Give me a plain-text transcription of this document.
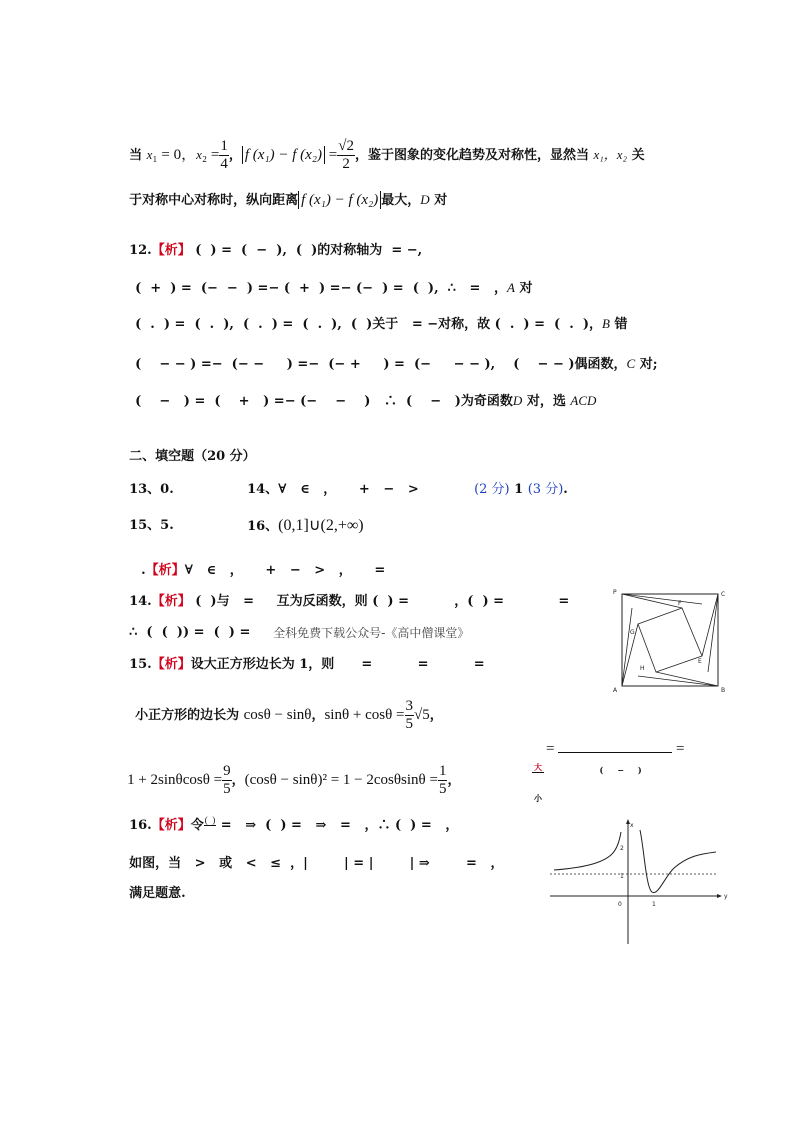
当 x₁ = 0，$x_2 = \frac{1}{4}$ ， f (x₁) − f $(x_2) = \frac{√2}{2}$ ，鉴于图象的变化趋势及对称性，显然当 x₁，x₂ 关

于对称中心对称时，纵向距离 f (x₁) − f (x₂) 最大，D 对

12.【析】 (  ) =  (  −  ),  (  )的对称轴为  = −,

(  +  ) =  (−  −  ) =− (  +  ) =− (−  ) =  (  ),  ∴   =   ，A 对

(  .  ) =  (  .  ),  (  .  ) =  (  .  ),  (  )关于   = −对称，故 (  .  ) =  (  .  )，B 错

(    − − ) =−  (− −     ) =−  (− +     ) =  (−     − − ),    (    − − )偶函数，C 对;

(    −   ) =  (    +   ) =− (−    −    )   ∴  (    −   )为奇函数D 对，选 ACD

二、填空题（20 分）

13、0.	14、∀   ∈   ，     +   −   >	(2 分) 1 (3 分).

15、5.	16、(0,1]∪(2,+∞)

.【析】∀   ∈   ，     +   −   >   ，     =

14.【析】 (  )与   =     互为反函数，则 (  ) =          ，(  ) =            =

∴  (  (  )) =  (  ) =	全科免费下载公众号-《高中僧课堂》

15.【析】设大正方形边长为 1，则      =          =          =

小正方形的边长为 cosθ − sinθ，$\sin\theta + \cos\theta = \frac{3}{5} √5$，

$1 + 2\sin\theta\cos\theta = \frac{9}{5}$ ，$(\cos\theta - \sin\theta)^2 = 1 - 2\cos\theta\sin\theta = \frac{1}{5}$ ，

大

小

=

(     −     )

=

16.【析】令 (  )
=   ⇒  (  ) =   ⇒   =   ，∴ (  ) =   ，

如图，当   >   或   <   ≤  ，|        | = |        | ⇒        =   ，

满足题意.

P	C
F
G
H
E
A	B
x
y
0	1
1
2
